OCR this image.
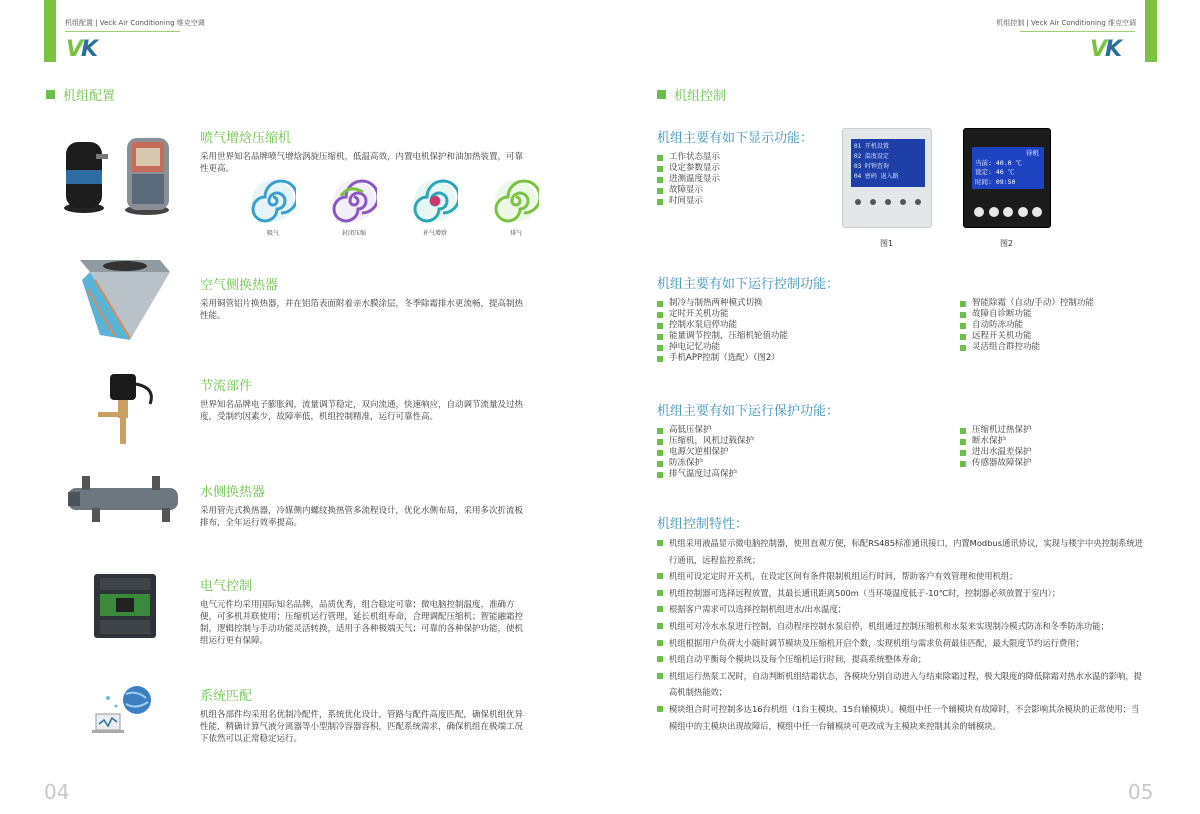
机组配置 | Veck Air Conditioning 维克空调
VK
机组配置
喷气增焓压缩机
采用世界知名品牌喷气增焓涡旋压缩机，低温高效，内置电机保护和油加热装置，可靠性更高。
吸气	封闭压缩	补气增焓	排气
空气侧换热器
采用铜管铝片换热器，并在铝箔表面附着亲水膜涂层，冬季除霜排水更流畅，提高制热性能。
节流部件
世界知名品牌电子膨胀阀，流量调节稳定，双向流通，快速响应，自动调节流量及过热度，受制约因素少，故障率低，机组控制精准，运行可靠性高。
水侧换热器
采用管壳式换热器，冷媒侧内螺纹换热管多流程设计，优化水侧布局，采用多次折流板排布，全年运行效率提高。
电气控制
电气元件均采用国际知名品牌，品质优秀，组合稳定可靠；微电脑控制温度，准确方便，可多机并联使用；压缩机运行管理，延长机组寿命，合理调配压缩机；智能融霜控制，逻辑控制与手动功能灵活转换，适用于各种极端天气；可靠的各种保护功能，使机组运行更有保障。
系统匹配
机组各部件均采用名优制冷配件，系统优化设计，管路与配件高度匹配，确保机组优异性能，精确计算气液分离器等小型制冷容器容积，匹配系统需求，确保机组在极端工况下依然可以正常稳定运行。
04
机组控制 | Veck Air Conditioning 维克空调
VK
机组控制
机组主要有如下显示功能：
工作状态显示
设定参数显示
进测温度显示
故障显示
时间显示
01 开机设置
02 温度设定
03 时钟查询
04 密码 退入路
图1
待机
当前: 40.0 ℃
设定: 46 ℃
时间: 09:50
图2
机组主要有如下运行控制功能：
制冷与制热两种模式切换
定时开关机功能
控制水泵启停功能
能量调节控制，压缩机轮值功能
掉电记忆功能
手机APP控制（选配）（图2）
智能除霜（自动/手动）控制功能
故障自诊断功能
自动防冻功能
远程开关机功能
灵活组合群控功能
机组主要有如下运行保护功能：
高低压保护
压缩机，风机过载保护
电源欠逆相保护
防冻保护
排气温度过高保护
压缩机过热保护
断水保护
进出水温差保护
传感器故障保护
机组控制特性：
机组采用液晶显示微电脑控制器，使用直观方便，标配RS485标准通讯接口，内置Modbus通讯协议，实现与楼宇中央控制系统进行通讯，远程监控系统；
机组可设定定时开关机，在设定区间有条件限制机组运行时间，帮助客户有效管理和使用机组；
机组控制器可选择远程放置，其最长通讯距离500m（当环境温度低于-10℃时，控制器必须放置于室内）；
根据客户需求可以选择控制机组进水/出水温度；
机组可对冷水水泵进行控制，自动程序控制水泵启停，机组通过控制压缩机和水泵来实现制冷模式防冻和冬季防冻功能；
机组根据用户负荷大小随时调节模块及压缩机开启个数，实现机组与需求负荷最佳匹配，最大限度节约运行费用；
机组自动平衡每个模块以及每个压缩机运行时间，提高系统整体寿命；
机组运行热泵工况时，自动判断机组结霜状态，各模块分别自动进入与结束除霜过程，极大限度的降低除霜对热水水温的影响，提高机制热能效；
模块组合时可控制多达16台机组（1台主模块、15台辅模块）。模组中任一个辅模块有故障时，不会影响其余模块的正常使用；当模组中的主模块出现故障后，模组中任一台辅模块可更改成为主模块来控制其余的辅模块。
05
